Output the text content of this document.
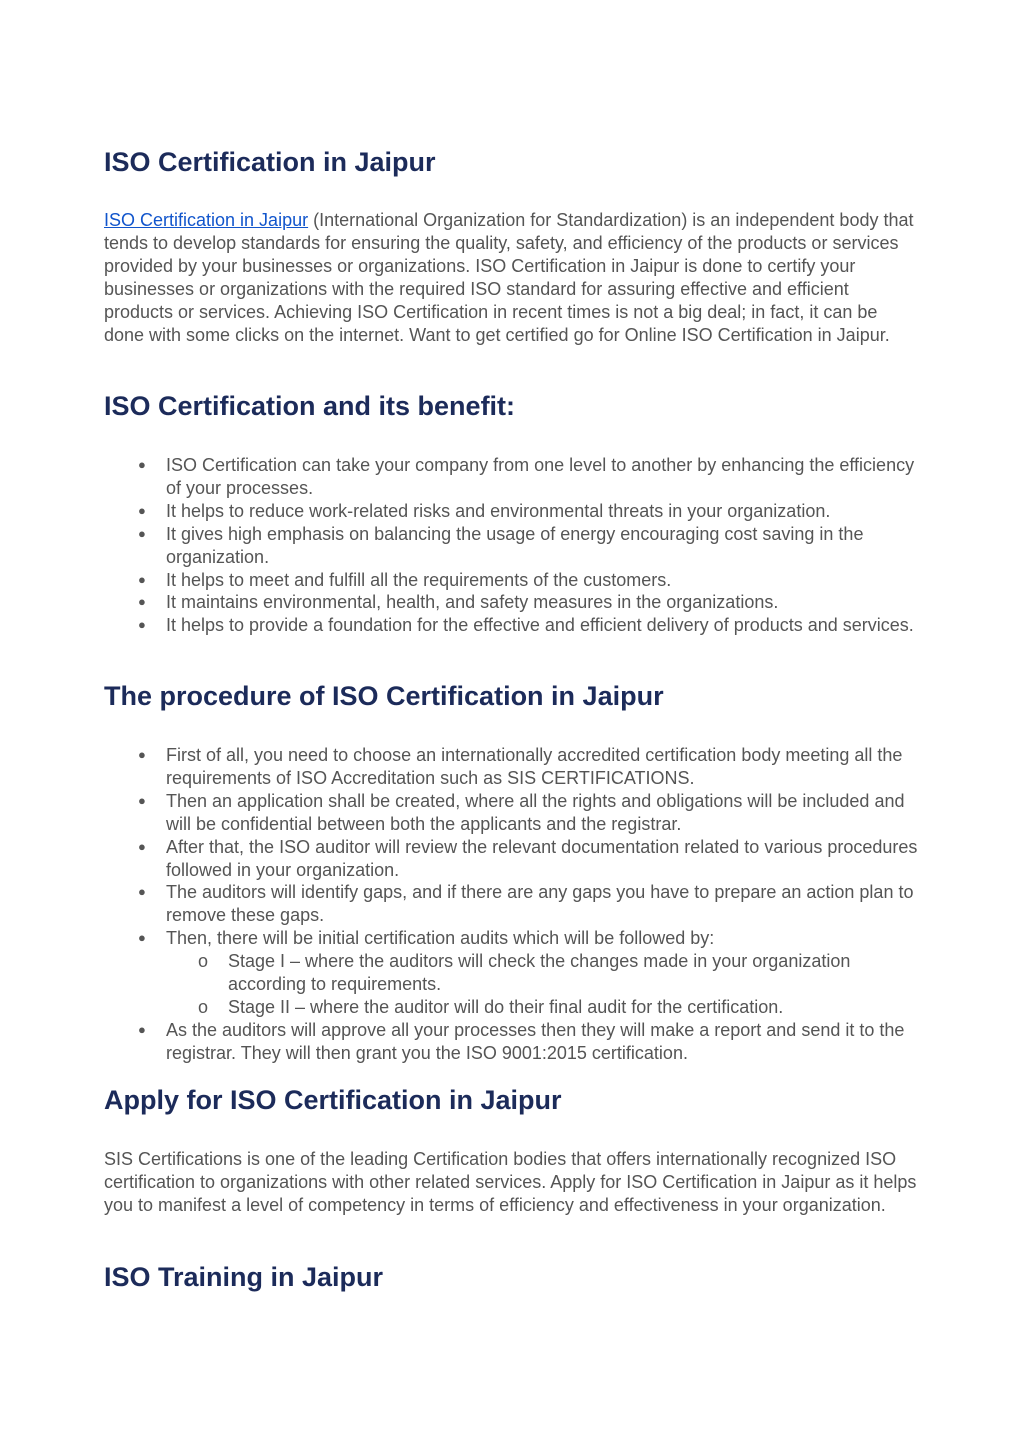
ISO Certification in Jaipur

ISO Certification in Jaipur (International Organization for Standardization) is an independent body that tends to develop standards for ensuring the quality, safety, and efficiency of the products or services provided by your businesses or organizations. ISO Certification in Jaipur is done to certify your businesses or organizations with the required ISO standard for assuring effective and efficient products or services. Achieving ISO Certification in recent times is not a big deal; in fact, it can be done with some clicks on the internet. Want to get certified go for Online ISO Certification in Jaipur.

ISO Certification and its benefit:
● ISO Certification can take your company from one level to another by enhancing the efficiency of your processes.
● It helps to reduce work-related risks and environmental threats in your organization.
● It gives high emphasis on balancing the usage of energy encouraging cost saving in the organization.
● It helps to meet and fulfill all the requirements of the customers.
● It maintains environmental, health, and safety measures in the organizations.
● It helps to provide a foundation for the effective and efficient delivery of products and services.
The procedure of ISO Certification in Jaipur
● First of all, you need to choose an internationally accredited certification body meeting all the requirements of ISO Accreditation such as SIS CERTIFICATIONS.
● Then an application shall be created, where all the rights and obligations will be included and will be confidential between both the applicants and the registrar.
● After that, the ISO auditor will review the relevant documentation related to various procedures followed in your organization.
● The auditors will identify gaps, and if there are any gaps you have to prepare an action plan to remove these gaps.
● Then, there will be initial certification audits which will be followed by:
o Stage I – where the auditors will check the changes made in your organization according to requirements.
o Stage II – where the auditor will do their final audit for the certification.
● As the auditors will approve all your processes then they will make a report and send it to the registrar. They will then grant you the ISO 9001:2015 certification.
Apply for ISO Certification in Jaipur

SIS Certifications is one of the leading Certification bodies that offers internationally recognized ISO certification to organizations with other related services. Apply for ISO Certification in Jaipur as it helps you to manifest a level of competency in terms of efficiency and effectiveness in your organization.

ISO Training in Jaipur
